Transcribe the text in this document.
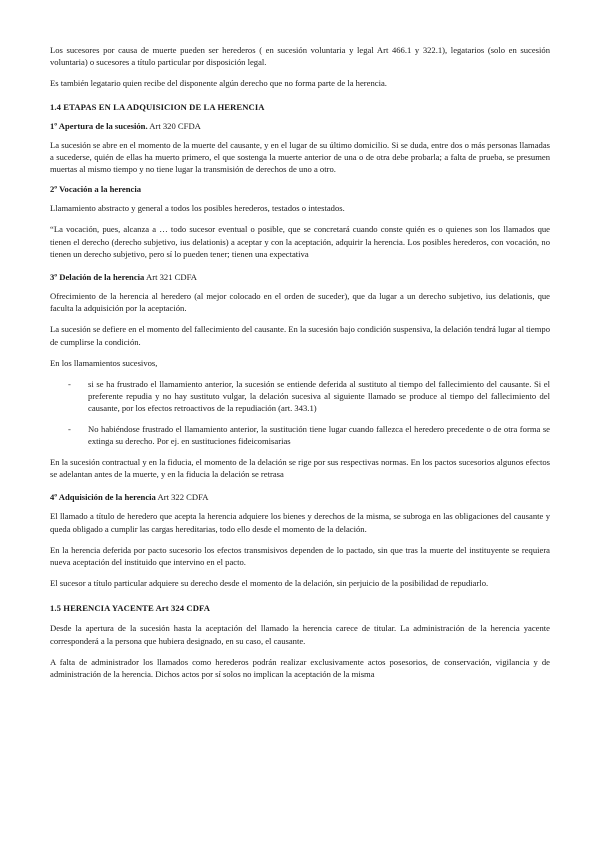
Los sucesores por causa de muerte pueden ser herederos ( en sucesión voluntaria y legal Art 466.1 y 322.1), legatarios (solo en sucesión voluntaria) o sucesores a título particular por disposición legal.

Es también legatario quien recibe del disponente algún derecho que no forma parte de la herencia.

1.4 ETAPAS EN LA ADQUISICION DE LA HERENCIA
1º Apertura de la sucesión. Art 320 CFDA

La sucesión se abre en el momento de la muerte del causante, y en el lugar de su último domicilio. Si se duda, entre dos o más personas llamadas a sucederse, quién de ellas ha muerto primero, el que sostenga la muerte anterior de una o de otra debe probarla; a falta de prueba, se presumen muertas al mismo tiempo y no tiene lugar la transmisión de derechos de uno a otro.

2º Vocación a la herencia

Llamamiento abstracto y general a todos los posibles herederos, testados o intestados.

“La vocación, pues, alcanza a … todo sucesor eventual o posible, que se concretará cuando conste quién es o quienes son los llamados que tienen el derecho (derecho subjetivo, ius delationis) a aceptar y con la aceptación, adquirir la herencia. Los posibles herederos, con vocación, no tienen un derecho subjetivo, pero sí lo pueden tener; tienen una expectativa

3º Delación de la herencia Art 321 CDFA

Ofrecimiento de la herencia al heredero (al mejor colocado en el orden de suceder), que da lugar a un derecho subjetivo, ius delationis, que faculta la adquisición por la aceptación.

La sucesión se defiere en el momento del fallecimiento del causante. En la sucesión bajo condición suspensiva, la delación tendrá lugar al tiempo de cumplirse la condición.

En los llamamientos sucesivos,

- si se ha frustrado el llamamiento anterior, la sucesión se entiende deferida al sustituto al tiempo del fallecimiento del causante. Si el preferente repudia y no hay sustituto vulgar, la delación sucesiva al siguiente llamado se produce al tiempo del fallecimiento del causante, por los efectos retroactivos de la repudiación (art. 343.1)
- No habiéndose frustrado el llamamiento anterior, la sustitución tiene lugar cuando fallezca el heredero precedente o de otra forma se extinga su derecho. Por ej. en sustituciones fideicomisarias

En la sucesión contractual y en la fiducia, el momento de la delación se rige por sus respectivas normas. En los pactos sucesorios algunos efectos se adelantan antes de la muerte, y en la fiducia la delación se retrasa

4º Adquisición de la herencia Art 322 CDFA

El llamado a título de heredero que acepta la herencia adquiere los bienes y derechos de la misma, se subroga en las obligaciones del causante y queda obligado a cumplir las cargas hereditarias, todo ello desde el momento de la delación.

En la herencia deferida por pacto sucesorio los efectos transmisivos dependen de lo pactado, sin que tras la muerte del instituyente se requiera nueva aceptación del instituido que intervino en el pacto.

El sucesor a título particular adquiere su derecho desde el momento de la delación, sin perjuicio de la posibilidad de repudiarlo.

1.5 HERENCIA YACENTE Art 324 CDFA

Desde la apertura de la sucesión hasta la aceptación del llamado la herencia carece de titular. La administración de la herencia yacente corresponderá a la persona que hubiera designado, en su caso, el causante.

A falta de administrador los llamados como herederos podrán realizar exclusivamente actos posesorios, de conservación, vigilancia y de administración de la herencia. Dichos actos por sí solos no implican la aceptación de la misma
